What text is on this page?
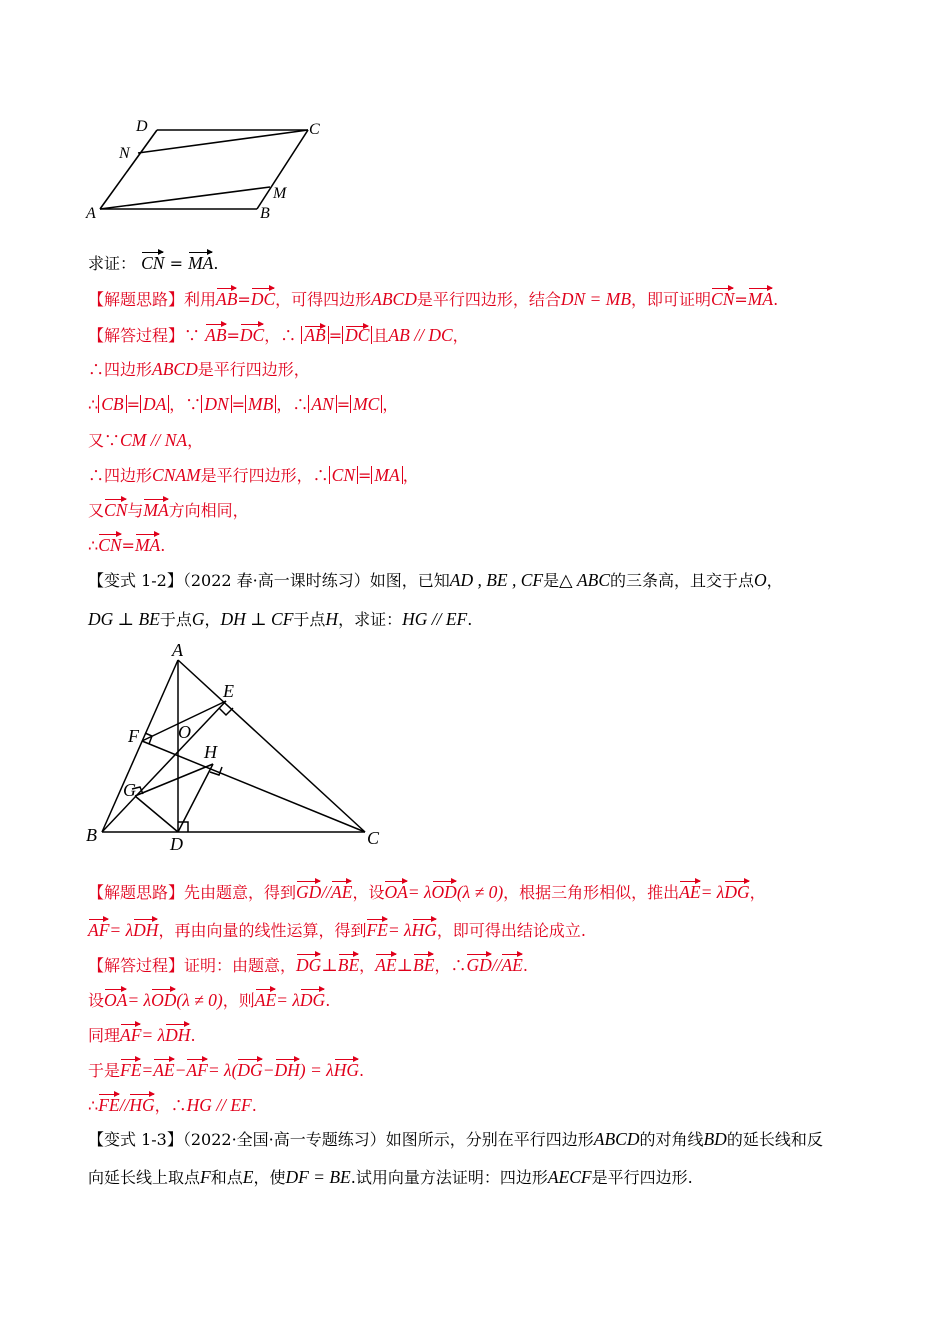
D	C
N
M
A	B
求证： CN = MA.
【解题思路】利用AB=DC，可得四边形ABCD是平行四边形，结合DN = MB，即可证明CN=MA.
【解答过程】∵ AB=DC，∴ AB = DC 且AB // DC，
∴四边形ABCD是平行四边形，
∴ CB = DA ，∵ DN = MB ，∴ AN = MC ，
又∵CM // NA，
∴四边形CNAM是平行四边形，∴ CN = MA ，
又CN与MA方向相同，
∴CN=MA.
【变式 1-2】（2022 春·高一课时练习）如图，已知AD , BE , CF是△ ABC的三条高，且交于点O，
DG ⊥ BE于点G，DH ⊥ CF于点H，求证：HG // EF.
A
E
F O
H
G
B	D	C
【解题思路】先由题意，得到GD//AE，设OA= λOD(λ ≠ 0)，根据三角形相似，推出AE= λDG，
AF= λDH，再由向量的线性运算，得到FE= λHG，即可得出结论成立.
【解答过程】证明：由题意，DG⊥BE，AE⊥BE，∴GD//AE.
设OA= λOD(λ ≠ 0)，则AE= λDG.
同理AF= λDH.
于是FE=AE−AF= λ(DG−DH) = λHG.
∴FE//HG，∴HG // EF.
【变式 1-3】（2022·全国·高一专题练习）如图所示，分别在平行四边形ABCD的对角线BD的延长线和反
向延长线上取点F和点E，使DF = BE.试用向量方法证明：四边形AECF是平行四边形.
